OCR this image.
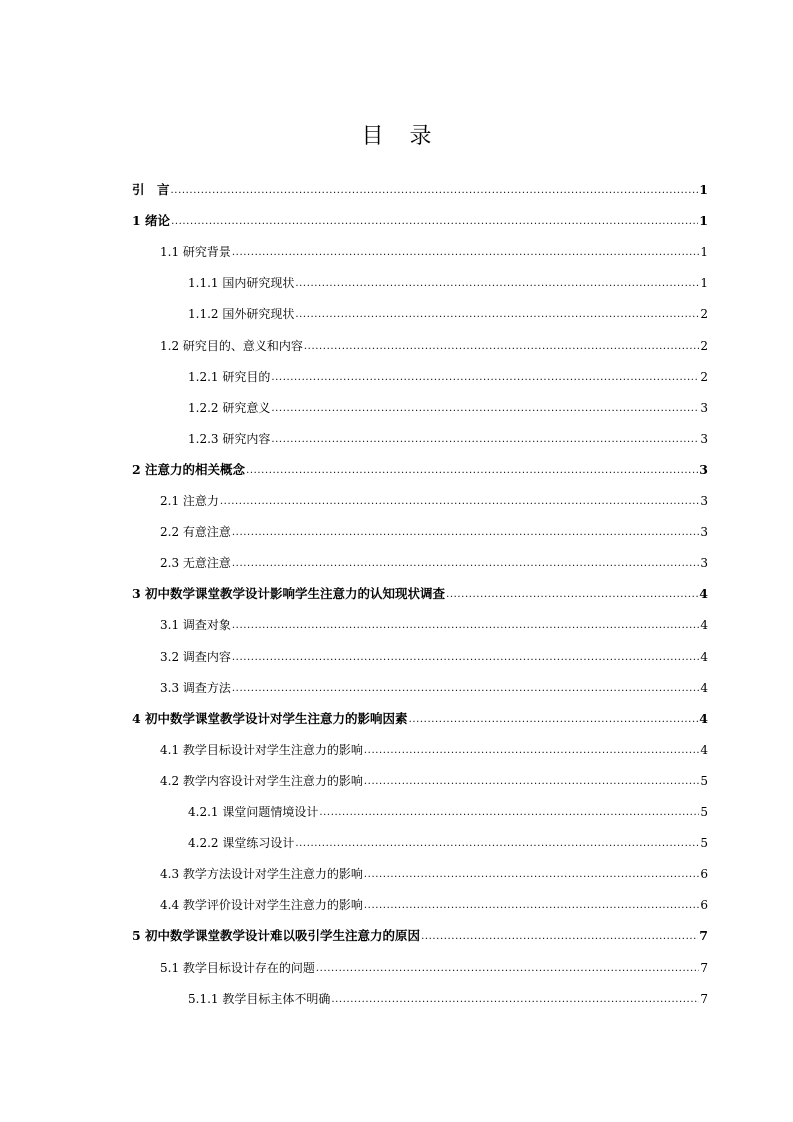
目 录
引　言 .....	1
1 绪论 .....	1
1.1 研究背景 .....	1
1.1.1 国内研究现状 .....	1
1.1.2 国外研究现状 .....	2
1.2 研究目的、意义和内容 .....	2
1.2.1 研究目的 .....	2
1.2.2 研究意义 .....	3
1.2.3 研究内容 .....	3
2 注意力的相关概念 .....	3
2.1 注意力 .....	3
2.2 有意注意 .....	3
2.3 无意注意 .....	3
3 初中数学课堂教学设计影响学生注意力的认知现状调查 .....	4
3.1 调查对象 .....	4
3.2 调查内容 .....	4
3.3 调查方法 .....	4
4 初中数学课堂教学设计对学生注意力的影响因素 .....	4
4.1 教学目标设计对学生注意力的影响 .....	4
4.2 教学内容设计对学生注意力的影响 .....	5
4.2.1 课堂问题情境设计 .....	5
4.2.2 课堂练习设计 .....	5
4.3 教学方法设计对学生注意力的影响 .....	6
4.4 教学评价设计对学生注意力的影响 .....	6
5 初中数学课堂教学设计难以吸引学生注意力的原因 .....	7
5.1 教学目标设计存在的问题 .....	7
5.1.1 教学目标主体不明确 .....	7
